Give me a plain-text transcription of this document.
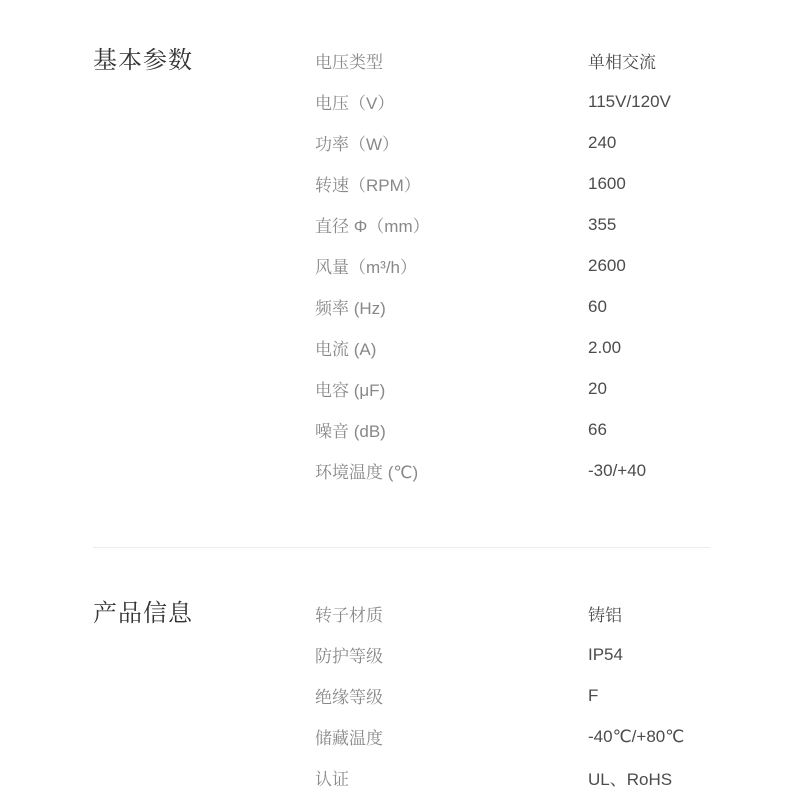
基本参数	电压类型	单相交流
电压（V）	115V/120V
功率（W）	240
转速（RPM）	1600
直径 Φ（mm）	355
风量（m³/h）	2600
频率 (Hz)	60
电流 (A)	2.00
电容 (μF)	20
噪音 (dB)	66
环境温度 (℃)	-30/+40
产品信息	转子材质	铸铝
防护等级	IP54
绝缘等级	F
储藏温度	-40℃/+80℃
认证	UL、RoHS
